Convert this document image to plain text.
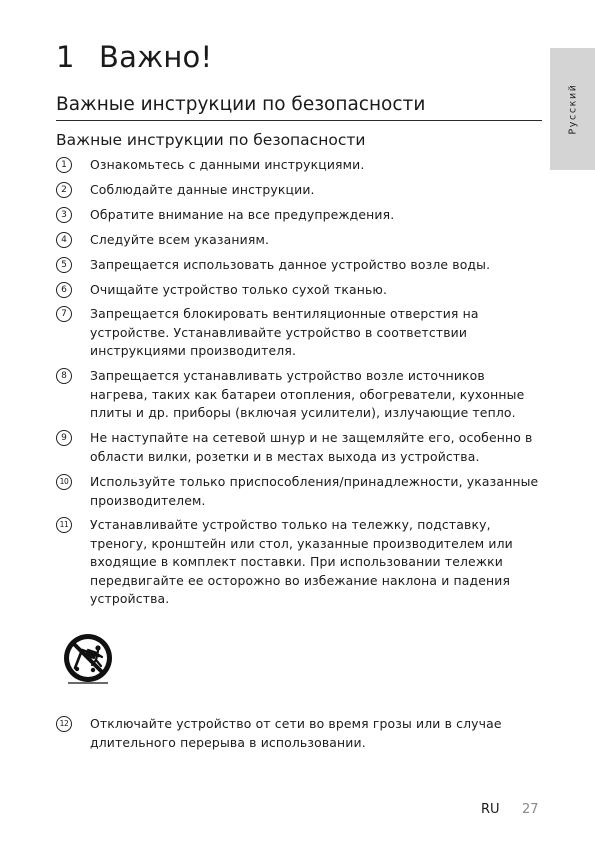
1 Важно!
Русский
Важные инструкции по безопасности
Важные инструкции по безопасности
1	Ознакомьтесь с данными инструкциями.
2	Соблюдайте данные инструкции.
3	Обратите внимание на все предупреждения.
4	Следуйте всем указаниям.
5	Запрещается использовать данное устройство возле воды.
6	Очищайте устройство только сухой тканью.
7	Запрещается блокировать вентиляционные отверстия на устройстве. Устанавливайте устройство в соответствии инструкциями производителя.
8	Запрещается устанавливать устройство возле источников нагрева, таких как батареи отопления, обогреватели, кухонные плиты и др. приборы (включая усилители), излучающие тепло.
9	Не наступайте на сетевой шнур и не защемляйте его, особенно в области вилки, розетки и в местах выхода из устройства.
10 Используйте только приспособления/принадлежности, указанные производителем.
11 Устанавливайте устройство только на тележку, подставку, треногу, кронштейн или стол, указанные производителем или входящие в комплект поставки. При использовании тележки передвигайте ее осторожно во избежание наклона и падения устройства.
12 Отключайте устройство от сети во время грозы или в случае длительного перерыва в использовании.
RU 27
